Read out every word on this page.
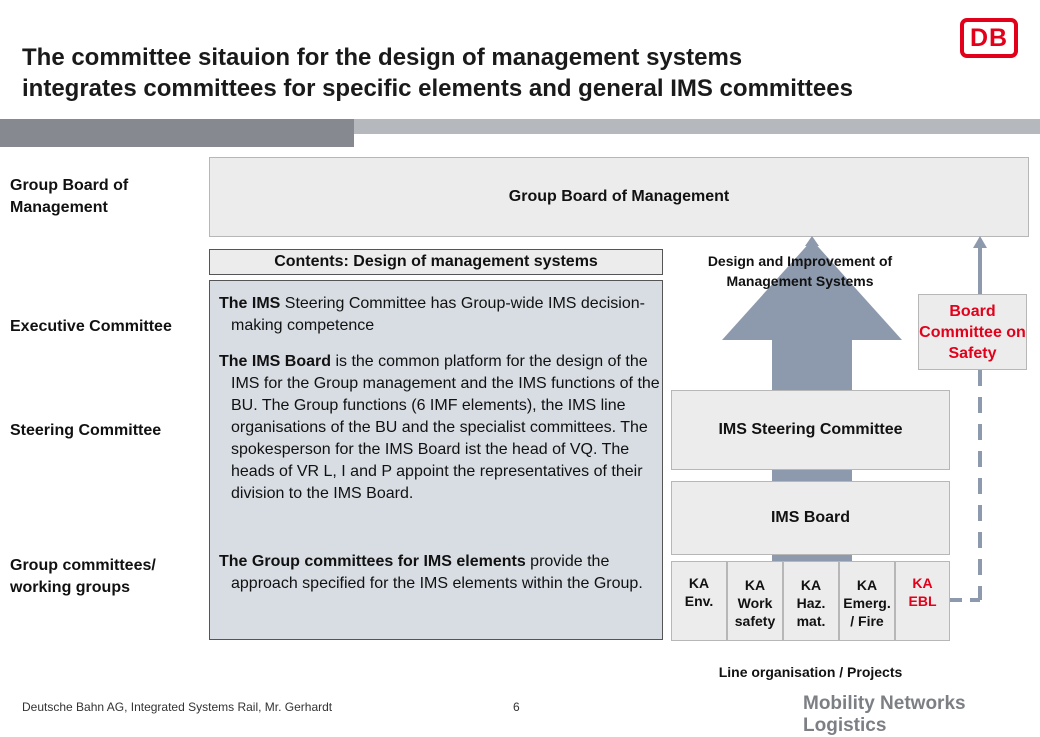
The committee sitauion for the design of management systems
integrates committees for specific elements and general IMS committees
DB
Group Board of Management
Executive Committee
Steering Committee
Group committees/ working groups
Group Board of Management
Contents: Design of management systems
The IMS Steering Committee has Group-wide IMS decision-making competence
The IMS Board is the common platform for the design of the IMS for the Group management and the IMS functions of the BU. The Group functions (6 IMF elements), the IMS line organisations of the BU and the specialist committees. The spokesperson for the IMS Board ist the head of VQ. The heads of VR L, I and P appoint the representatives of their division to the IMS Board.
The Group committees for IMS elements provide the approach specified for the IMS elements within the Group.
Design and Improvement of Management Systems
Board Committee on Safety
IMS Steering Committee
IMS Board
KA
Env.
KA
Work
safety
KA
Haz.
mat.
KA
Emerg.
/ Fire
KA
EBL
Line organisation / Projects
Deutsche Bahn AG, Integrated Systems Rail, Mr. Gerhardt	6	Mobility Networks Logistics
